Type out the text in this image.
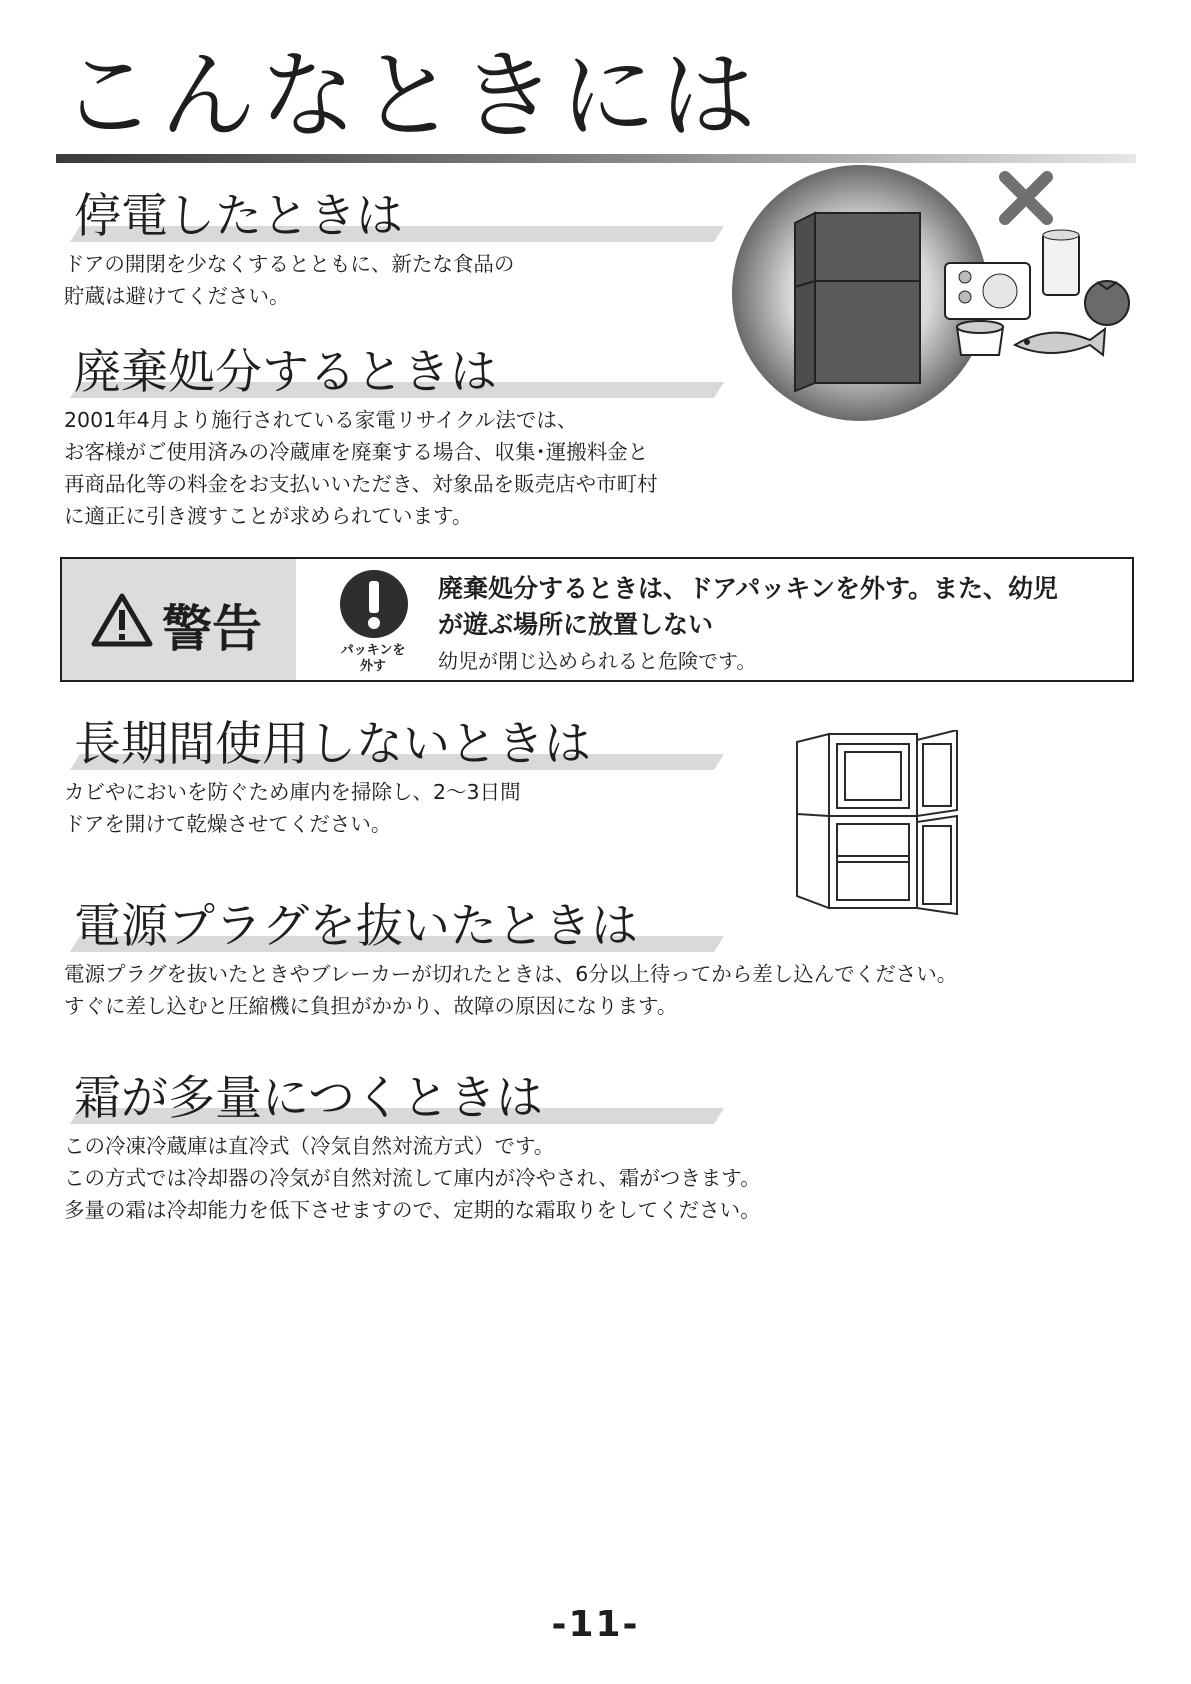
こんなときには
停電したときは

ドアの開閉を少なくするとともに、新たな食品の

貯蔵は避けてください。

廃棄処分するときは

2001年4月より施行されている家電リサイクル法では、

お客様がご使用済みの冷蔵庫を廃棄する場合、収集･運搬料金と

再商品化等の料金をお支払いいただき、対象品を販売店や市町村

に適正に引き渡すことが求められています。

警告	パッキンを
外す

廃棄処分するときは、ドアパッキンを外す。また、幼児

が遊ぶ場所に放置しない

幼児が閉じ込められると危険です。
長期間使用しないときは

カビやにおいを防ぐため庫内を掃除し、2～3日間

ドアを開けて乾燥させてください。

電源プラグを抜いたときは

電源プラグを抜いたときやブレーカーが切れたときは、6分以上待ってから差し込んでください。

すぐに差し込むと圧縮機に負担がかかり、故障の原因になります。

霜が多量につくときは

この冷凍冷蔵庫は直冷式（冷気自然対流方式）です。

この方式では冷却器の冷気が自然対流して庫内が冷やされ、霜がつきます。

多量の霜は冷却能力を低下させますので、定期的な霜取りをしてください。

-11-
